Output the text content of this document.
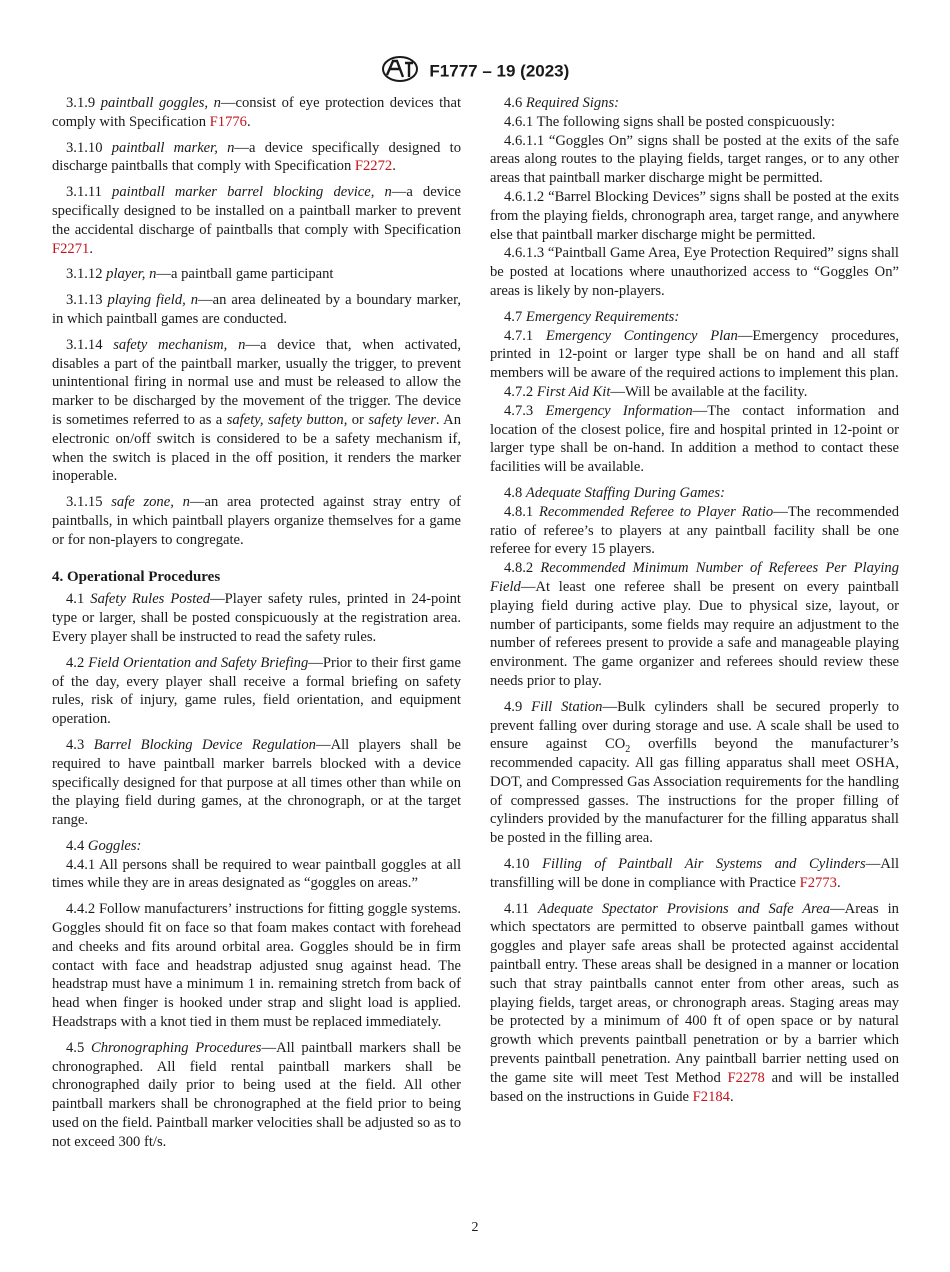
F1777 – 19 (2023)

3.1.9 paintball goggles, n—consist of eye protection devices that comply with Specification F1776.

3.1.10 paintball marker, n—a device specifically designed to discharge paintballs that comply with Specification F2272.

3.1.11 paintball marker barrel blocking device, n—a device specifically designed to be installed on a paintball marker to prevent the accidental discharge of paintballs that comply with Specification F2271.

3.1.12 player, n—a paintball game participant

3.1.13 playing field, n—an area delineated by a boundary marker, in which paintball games are conducted.

3.1.14 safety mechanism, n—a device that, when activated, disables a part of the paintball marker, usually the trigger, to prevent unintentional firing in normal use and must be released to allow the marker to be discharged by the movement of the trigger. The device is sometimes referred to as a safety, safety button, or safety lever. An electronic on/off switch is considered to be a safety mechanism if, when the switch is placed in the off position, it renders the marker inoperable.

3.1.15 safe zone, n—an area protected against stray entry of paintballs, in which paintball players organize themselves for a game or for non-players to congregate.

4. Operational Procedures

4.1 Safety Rules Posted—Player safety rules, printed in 24-point type or larger, shall be posted conspicuously at the registration area. Every player shall be instructed to read the safety rules.

4.2 Field Orientation and Safety Briefing—Prior to their first game of the day, every player shall receive a formal briefing on safety rules, risk of injury, game rules, field orientation, and equipment operation.

4.3 Barrel Blocking Device Regulation—All players shall be required to have paintball marker barrels blocked with a device specifically designed for that purpose at all times other than while on the playing field during games, at the chronograph, or at the target range.

4.4 Goggles:

4.4.1 All persons shall be required to wear paintball goggles at all times while they are in areas designated as “goggles on areas.”

4.4.2 Follow manufacturers’ instructions for fitting goggle systems. Goggles should fit on face so that foam makes contact with forehead and cheeks and fits around orbital area. Goggles should be in firm contact with face and headstrap adjusted snug against head. The headstrap must have a minimum 1 in. remaining stretch from back of head when finger is hooked under strap and slight load is applied. Headstraps with a knot tied in them must be replaced immediately.

4.5 Chronographing Procedures—All paintball markers shall be chronographed. All field rental paintball markers shall be chronographed daily prior to being used at the field. All other paintball markers shall be chronographed at the field prior to being used on the field. Paintball marker velocities shall be adjusted so as to not exceed 300 ft/s.

4.6 Required Signs:

4.6.1 The following signs shall be posted conspicuously:

4.6.1.1 “Goggles On” signs shall be posted at the exits of the safe areas along routes to the playing fields, target ranges, or to any other areas that paintball marker discharge might be permitted.

4.6.1.2 “Barrel Blocking Devices” signs shall be posted at the exits from the playing fields, chronograph area, target range, and anywhere else that paintball marker discharge might be permitted.

4.6.1.3 “Paintball Game Area, Eye Protection Required” signs shall be posted at locations where unauthorized access to “Goggles On” areas is likely by non-players.

4.7 Emergency Requirements:

4.7.1 Emergency Contingency Plan—Emergency procedures, printed in 12-point or larger type shall be on hand and all staff members will be aware of the required actions to implement this plan.

4.7.2 First Aid Kit—Will be available at the facility.

4.7.3 Emergency Information—The contact information and location of the closest police, fire and hospital printed in 12-point or larger type shall be on-hand. In addition a method to contact these facilities will be available.

4.8 Adequate Staffing During Games:

4.8.1 Recommended Referee to Player Ratio—The recommended ratio of referee’s to players at any paintball facility shall be one referee for every 15 players.

4.8.2 Recommended Minimum Number of Referees Per Playing Field—At least one referee shall be present on every paintball playing field during active play. Due to physical size, layout, or number of participants, some fields may require an adjustment to the number of referees present to provide a safe and manageable playing environment. The game organizer and referees should review these needs prior to play.

4.9 Fill Station—Bulk cylinders shall be secured properly to prevent falling over during storage and use. A scale shall be used to ensure against $CO_2$ overfills beyond the manufacturer’s recommended capacity. All gas filling apparatus shall meet OSHA, DOT, and Compressed Gas Association requirements for the handling of compressed gasses. The instructions for the proper filling of cylinders provided by the manufacturer for the filling apparatus shall be posted in the filling area.

4.10 Filling of Paintball Air Systems and Cylinders—All transfilling will be done in compliance with Practice F2773.

4.11 Adequate Spectator Provisions and Safe Area—Areas in which spectators are permitted to observe paintball games without goggles and player safe areas shall be protected against accidental paintball entry. These areas shall be designed in a manner or location such that stray paintballs cannot enter from other areas, such as playing fields, target areas, or chronograph areas. Staging areas may be protected by a minimum of 400 ft of open space or by natural growth which prevents paintball penetration or by a barrier which prevents paintball penetration. Any paintball barrier netting used on the game site will meet Test Method F2278 and will be installed based on the instructions in Guide F2184.

2
